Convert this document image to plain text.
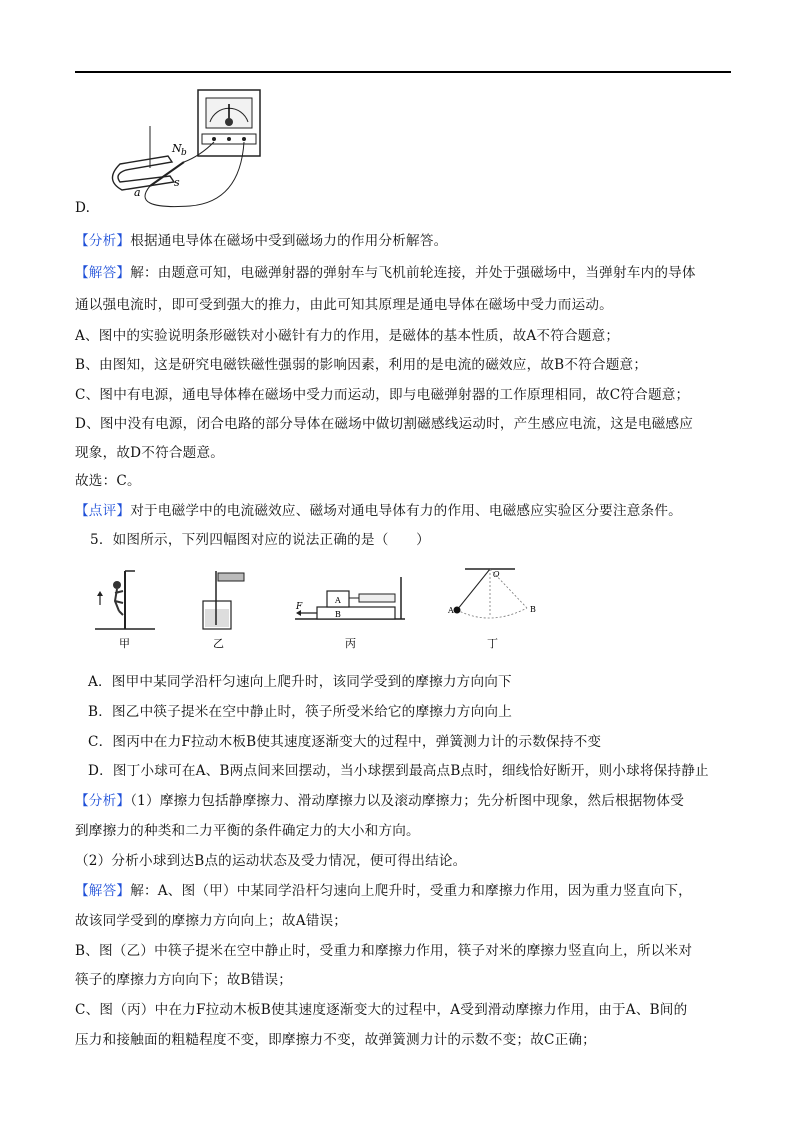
N b
a
s
D.
【分析】根据通电导体在磁场中受到磁场力的作用分析解答。
【解答】解：由题意可知，电磁弹射器的弹射车与飞机前轮连接，并处于强磁场中，当弹射车内的导体
通以强电流时，即可受到强大的推力，由此可知其原理是通电导体在磁场中受力而运动。
A、图中的实验说明条形磁铁对小磁针有力的作用，是磁体的基本性质，故A不符合题意；
B、由图知，这是研究电磁铁磁性强弱的影响因素，利用的是电流的磁效应，故B不符合题意；
C、图中有电源，通电导体棒在磁场中受力而运动，即与电磁弹射器的工作原理相同，故C符合题意；
D、图中没有电源，闭合电路的部分导体在磁场中做切割磁感线运动时，产生感应电流，这是电磁感应
现象，故D不符合题意。
故选：C。
【点评】对于电磁学中的电流磁效应、磁场对通电导体有力的作用、电磁感应实验区分要注意条件。
5．如图所示，下列四幅图对应的说法正确的是（　　）
甲	乙
F
A
B
丙
O
A	B
丁
A．图甲中某同学沿杆匀速向上爬升时，该同学受到的摩擦力方向向下
B．图乙中筷子提米在空中静止时，筷子所受米给它的摩擦力方向向上
C．图丙中在力F拉动木板B使其速度逐渐变大的过程中，弹簧测力计的示数保持不变
D．图丁小球可在A、B两点间来回摆动，当小球摆到最高点B点时，细线恰好断开，则小球将保持静止
【分析】（1）摩擦力包括静摩擦力、滑动摩擦力以及滚动摩擦力；先分析图中现象，然后根据物体受
到摩擦力的种类和二力平衡的条件确定力的大小和方向。
（2）分析小球到达B点的运动状态及受力情况，便可得出结论。
【解答】解：A、图（甲）中某同学沿杆匀速向上爬升时，受重力和摩擦力作用，因为重力竖直向下，
故该同学受到的摩擦力方向向上；故A错误；
B、图（乙）中筷子提米在空中静止时，受重力和摩擦力作用，筷子对米的摩擦力竖直向上，所以米对
筷子的摩擦力方向向下；故B错误；
C、图（丙）中在力F拉动木板B使其速度逐渐变大的过程中，A受到滑动摩擦力作用，由于A、B间的
压力和接触面的粗糙程度不变，即摩擦力不变，故弹簧测力计的示数不变；故C正确；
